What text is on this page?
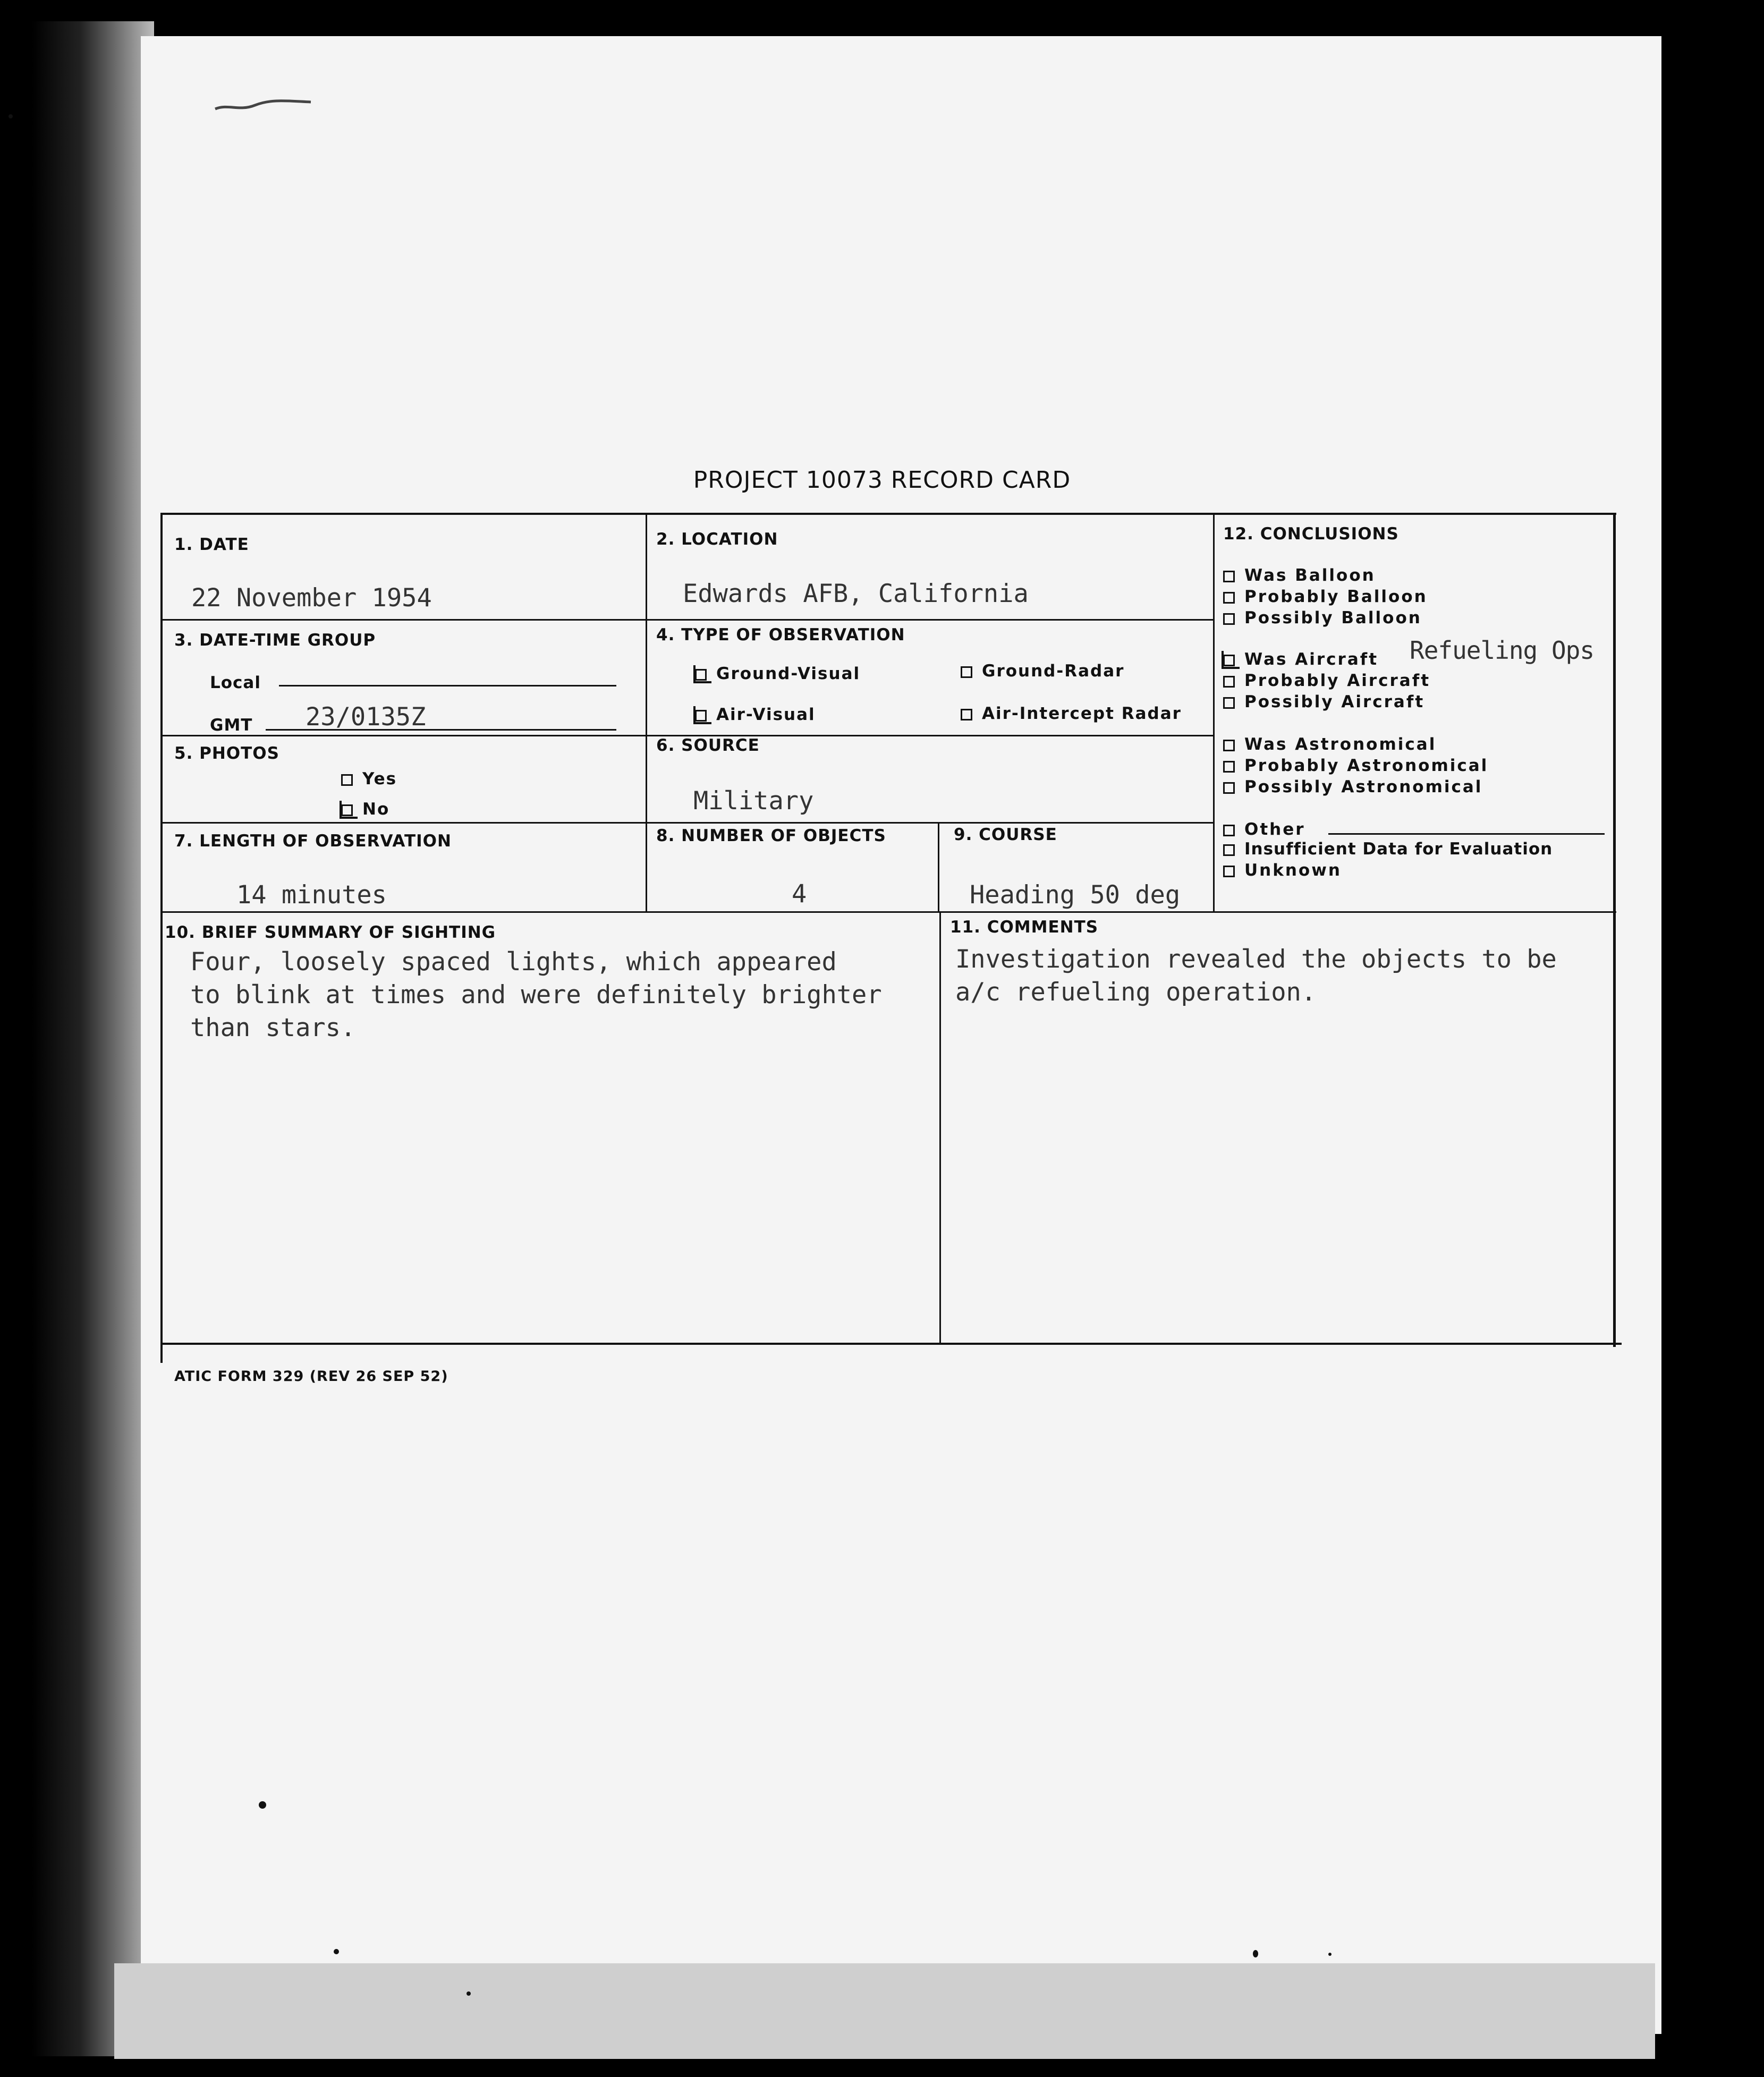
PROJECT 10073 RECORD CARD
1. DATE
22 November 1954
2. LOCATION
Edwards AFB, California
3. DATE-TIME GROUP
Local
GMT 23/0135Z
4. TYPE OF OBSERVATION
Ground-Visual	Ground-Radar
Air-Visual	Air-Intercept Radar
5. PHOTOS
Yes
No
6. SOURCE
Military
7. LENGTH OF OBSERVATION
14 minutes
8. NUMBER OF OBJECTS
4
9. COURSE
Heading 50 deg
10. BRIEF SUMMARY OF SIGHTING
Four, loosely spaced lights, which appeared
to blink at times and were definitely brighter
than stars.
11. COMMENTS
Investigation revealed the objects to be
a/c refueling operation.
12. CONCLUSIONS
Was Balloon
Probably Balloon
Possibly Balloon
Was Aircraft Refueling Ops
Probably Aircraft
Possibly Aircraft
Was Astronomical
Probably Astronomical
Possibly Astronomical
Other
Insufficient Data for Evaluation
Unknown
ATIC FORM 329 (REV 26 SEP 52)
